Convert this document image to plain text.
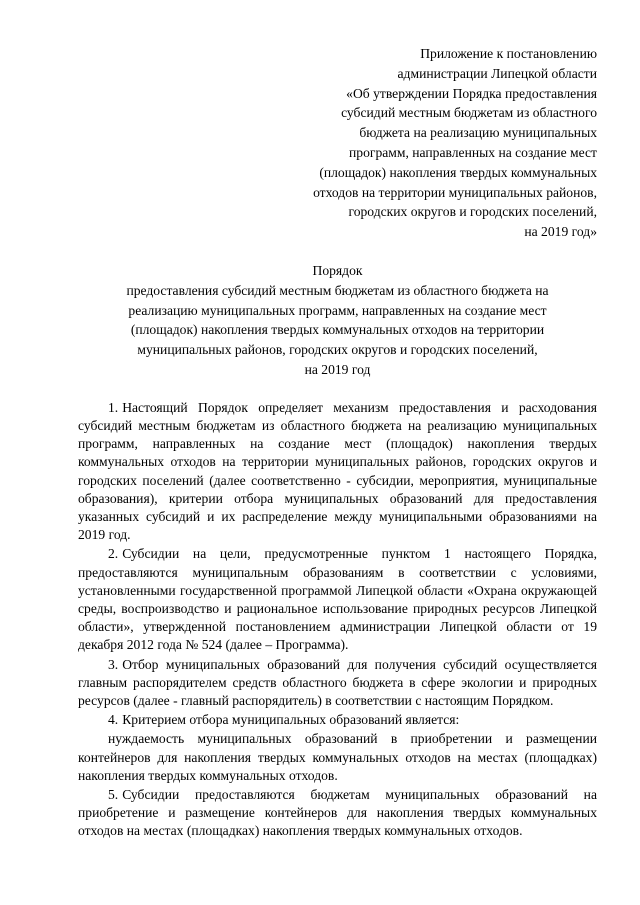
Приложение к постановлению
администрации Липецкой области
«Об утверждении Порядка предоставления
субсидий местным бюджетам из областного
бюджета на реализацию муниципальных
программ, направленных на создание мест
(площадок) накопления твердых коммунальных
отходов на территории муниципальных районов,
городских округов и городских поселений,
на 2019 год»
Порядок
предоставления субсидий местным бюджетам из областного бюджета на
реализацию муниципальных программ, направленных на создание мест
(площадок) накопления твердых коммунальных отходов на территории
муниципальных районов, городских округов и городских поселений,
на 2019 год

1. Настоящий Порядок определяет механизм предоставления и расходования субсидий местным бюджетам из областного бюджета на реализацию муниципальных программ, направленных на создание мест (площадок) накопления твердых коммунальных отходов на территории муниципальных районов, городских округов и городских поселений (далее соответственно - субсидии, мероприятия, муниципальные образования), критерии отбора муниципальных образований для предоставления указанных субсидий и их распределение между муниципальными образованиями на 2019 год.

2. Субсидии на цели, предусмотренные пунктом 1 настоящего Порядка, предоставляются муниципальным образованиям в соответствии с условиями, установленными государственной программой Липецкой области «Охрана окружающей среды, воспроизводство и рациональное использование природных ресурсов Липецкой области», утвержденной постановлением администрации Липецкой области от 19 декабря 2012 года № 524 (далее – Программа).

3. Отбор муниципальных образований для получения субсидий осуществляется главным распорядителем средств областного бюджета в сфере экологии и природных ресурсов (далее - главный распорядитель) в соответствии с настоящим Порядком.

4. Критерием отбора муниципальных образований является:

нуждаемость муниципальных образований в приобретении и размещении контейнеров для накопления твердых коммунальных отходов на местах (площадках) накопления твердых коммунальных отходов.

5. Субсидии предоставляются бюджетам муниципальных образований на приобретение и размещение контейнеров для накопления твердых коммунальных отходов на местах (площадках) накопления твердых коммунальных отходов.
